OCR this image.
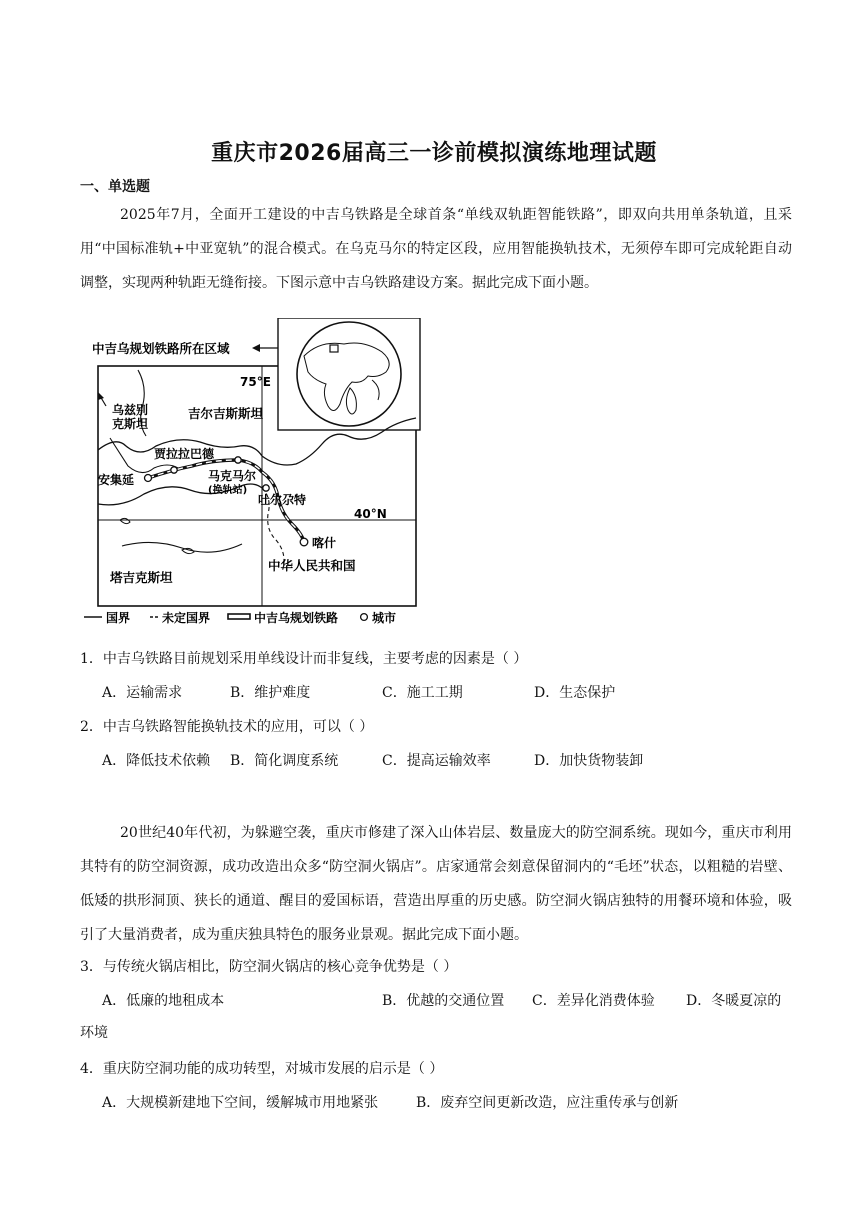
重庆市2026届高三一诊前模拟演练地理试题
一、单选题

2025年7月，全面开工建设的中吉乌铁路是全球首条“单线双轨距智能铁路”，即双向共用单条轨道，且采用“中国标准轨+中亚宽轨”的混合模式。在乌克马尔的特定区段，应用智能换轨技术，无须停车即可完成轮距自动调整，实现两种轨距无缝衔接。下图示意中吉乌铁路建设方案。据此完成下面小题。

中吉乌规划铁路所在区域
75°E
40°N
乌兹别
克斯坦
吉尔吉斯斯坦
塔吉克斯坦
中华人民共和国
安集延
贾拉拉巴德
马克马尔
(换轨站)
吐尔尕特
喀什
国界	未定国界	中吉乌规划铁路	城市
1．中吉乌铁路目前规划采用单线设计而非复线，主要考虑的因素是（ ）
A．运输需求	B．维护难度	C．施工工期	D．生态保护
2．中吉乌铁路智能换轨技术的应用，可以（ ）
A．降低技术依赖 B．简化调度系统	C．提高运输效率	D．加快货物装卸

20世纪40年代初，为躲避空袭，重庆市修建了深入山体岩层、数量庞大的防空洞系统。现如今，重庆市利用其特有的防空洞资源，成功改造出众多“防空洞火锅店”。店家通常会刻意保留洞内的“毛坯”状态，以粗糙的岩壁、低矮的拱形洞顶、狭长的通道、醒目的爱国标语，营造出厚重的历史感。防空洞火锅店独特的用餐环境和体验，吸引了大量消费者，成为重庆独具特色的服务业景观。据此完成下面小题。

3．与传统火锅店相比，防空洞火锅店的核心竞争优势是（ ）
A．低廉的地租成本	B．优越的交通位置 C．差异化消费体验 D．冬暖夏凉的
环境
4．重庆防空洞功能的成功转型，对城市发展的启示是（ ）
A．大规模新建地下空间，缓解城市用地紧张	B．废弃空间更新改造，应注重传承与创新
